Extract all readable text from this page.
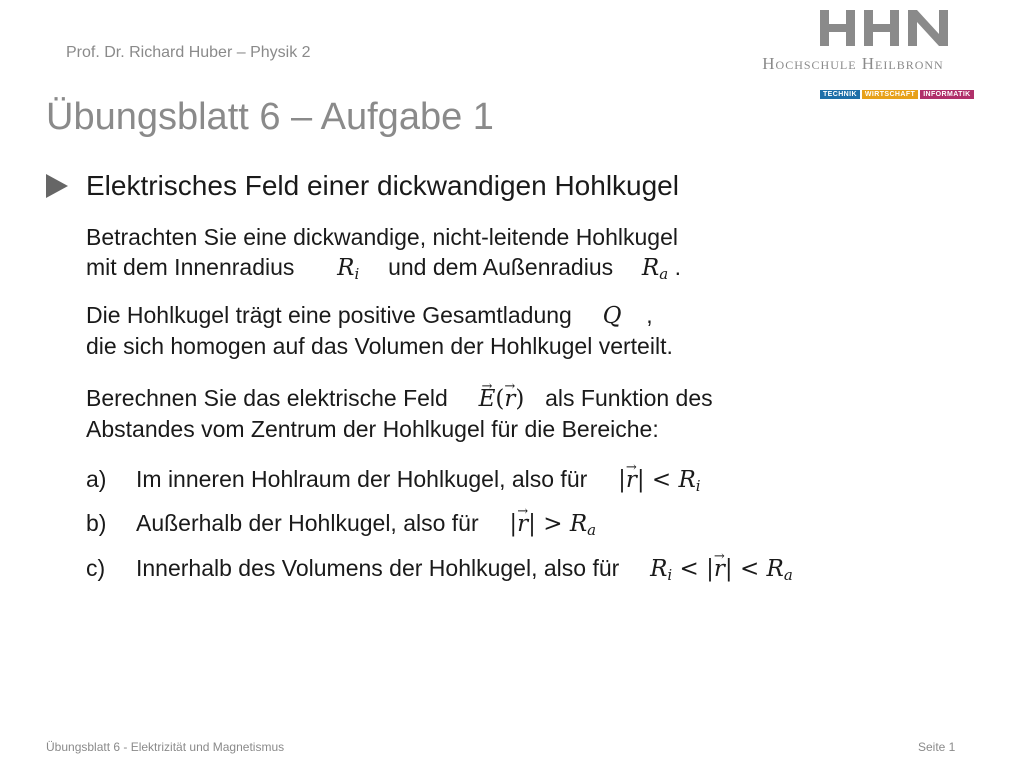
Prof. Dr. Richard Huber – Physik 2
Hochschule Heilbronn
TECHNIK	WIRTSCHAFT	INFORMATIK
Übungsblatt 6 – Aufgabe 1
Elektrisches Feld einer dickwandigen Hohlkugel
Betrachten Sie eine dickwandige, nicht-leitende Hohlkugel
mit dem Innenradius $R_i$ und dem Außenradius $R_a$ .
Die Hohlkugel trägt eine positive Gesamtladung Q ,
die sich homogen auf das Volumen der Hohlkugel verteilt.
Berechnen Sie das elektrische Feld  → E(→ r) als Funktion des
Abstandes vom Zentrum der Hohlkugel für die Bereiche:
a) Im inneren Hohlraum der Hohlkugel, also für |→ $r| < R_i$
b) Außerhalb der Hohlkugel, also für |→ $r| > R_a$
c) Innerhalb des Volumens der Hohlkugel, also für $R_i$ < |→ $r| < R_a$
Übungsblatt 6 - Elektrizität und Magnetismus	Seite 1
